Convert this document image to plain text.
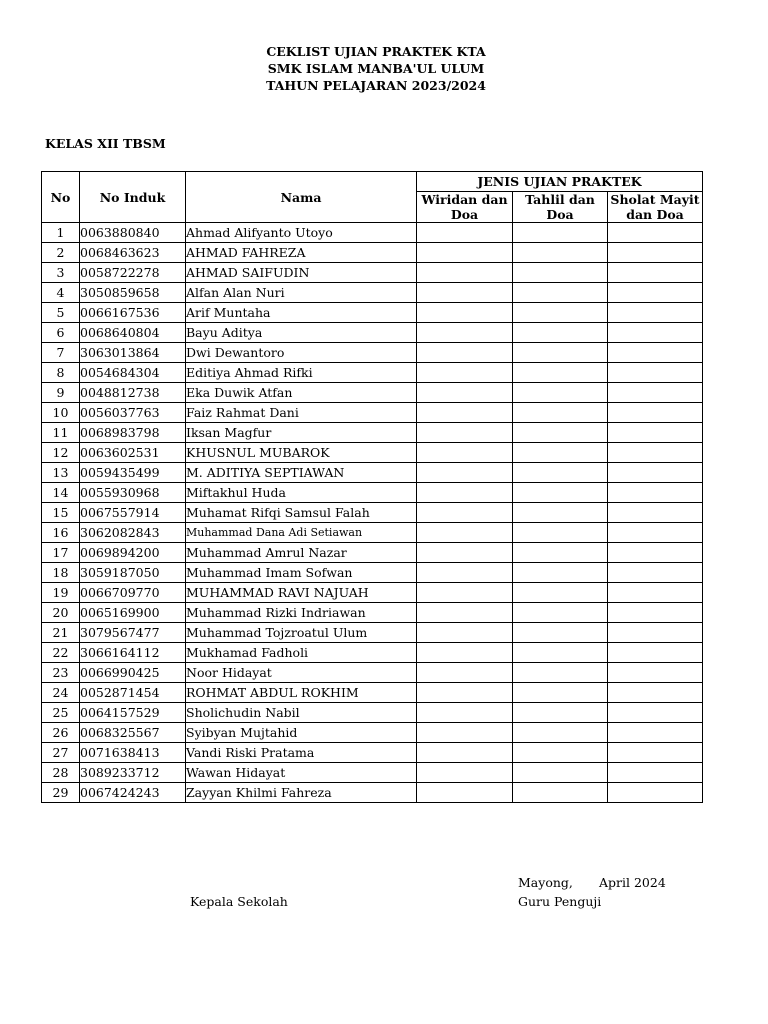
CEKLIST UJIAN PRAKTEK KTA
SMK ISLAM MANBA'UL ULUM
TAHUN PELAJARAN 2023/2024
KELAS XII TBSM
No	No Induk	Nama	JENIS UJIAN PRAKTEK		
			Wiridan dan Doa	Tahlil dan Doa	Sholat Mayit dan Doa
1	0063880840	Ahmad Alifyanto Utoyo			
2	0068463623	AHMAD FAHREZA			
3	0058722278	AHMAD SAIFUDIN			
4	3050859658	Alfan Alan Nuri			
5	0066167536	Arif Muntaha			
6	0068640804	Bayu Aditya			
7	3063013864	Dwi Dewantoro			
8	0054684304	Editiya Ahmad Rifki			
9	0048812738	Eka Duwik Atfan			
10	0056037763	Faiz Rahmat Dani			
11	0068983798	Iksan Magfur			
12	0063602531	KHUSNUL MUBAROK			
13	0059435499	M. ADITIYA SEPTIAWAN			
14	0055930968	Miftakhul Huda			
15	0067557914	Muhamat Rifqi Samsul Falah			
16	3062082843	Muhammad Dana Adi Setiawan			
17	0069894200	Muhammad Amrul Nazar			
18	3059187050	Muhammad Imam Sofwan			
19	0066709770	MUHAMMAD RAVI NAJUAH			
20	0065169900	Muhammad Rizki Indriawan			
21	3079567477	Muhammad Tojzroatul Ulum			
22	3066164112	Mukhamad Fadholi			
23	0066990425	Noor Hidayat			
24	0052871454	ROHMAT ABDUL ROKHIM			
25	0064157529	Sholichudin Nabil			
26	0068325567	Syibyan Mujtahid			
27	0071638413	Vandi Riski Pratama			
28	3089233712	Wawan Hidayat			
29	0067424243	Zayyan Khilmi Fahreza			
Mayong, April 2024
Kepala Sekolah	Guru Penguji
